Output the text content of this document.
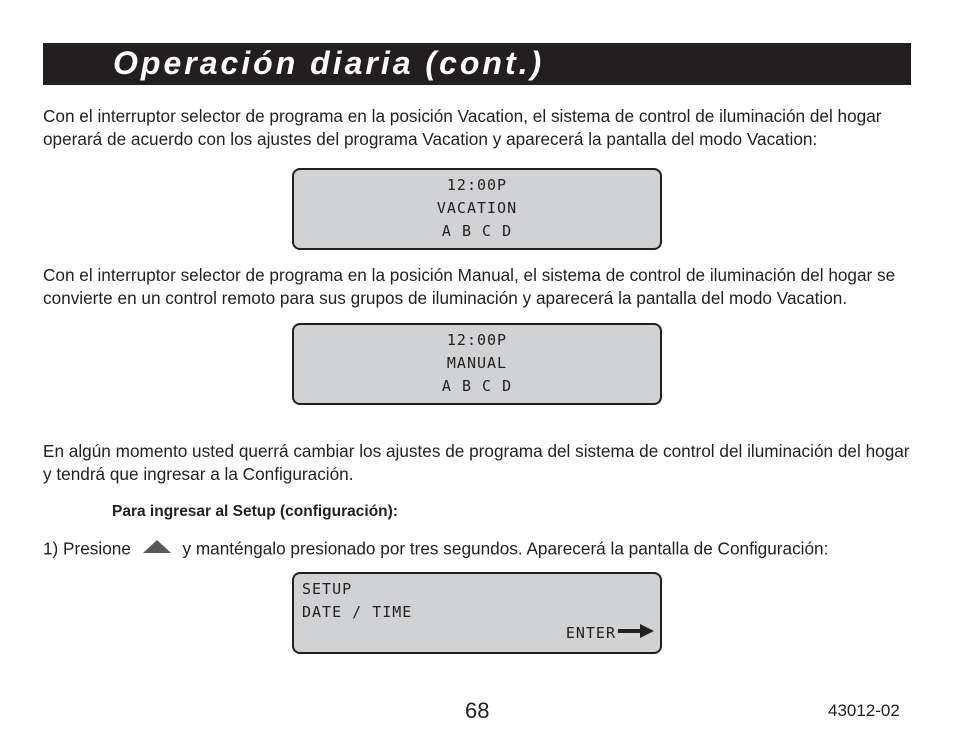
Operación diaria (cont.)

Con el interruptor selector de programa en la posición Vacation, el sistema de control de iluminación del hogar operará de acuerdo con los ajustes del programa Vacation y aparecerá la pantalla del modo Vacation:

12:00P
VACATION
A B C D

Con el interruptor selector de programa en la posición Manual, el sistema de control de iluminación del hogar se convierte en un control remoto para sus grupos de iluminación y aparecerá la pantalla del modo Vacation.

12:00P
MANUAL
A B C D

En algún momento usted querrá cambiar los ajustes de programa del sistema de control del iluminación del hogar y tendrá que ingresar a la Configuración.

Para ingresar al Setup (configuración):
1) Presione	y manténgalo presionado por tres segundos. Aparecerá la pantalla de Configuración:
SETUP
DATE / TIME
ENTER
68	43012-02
